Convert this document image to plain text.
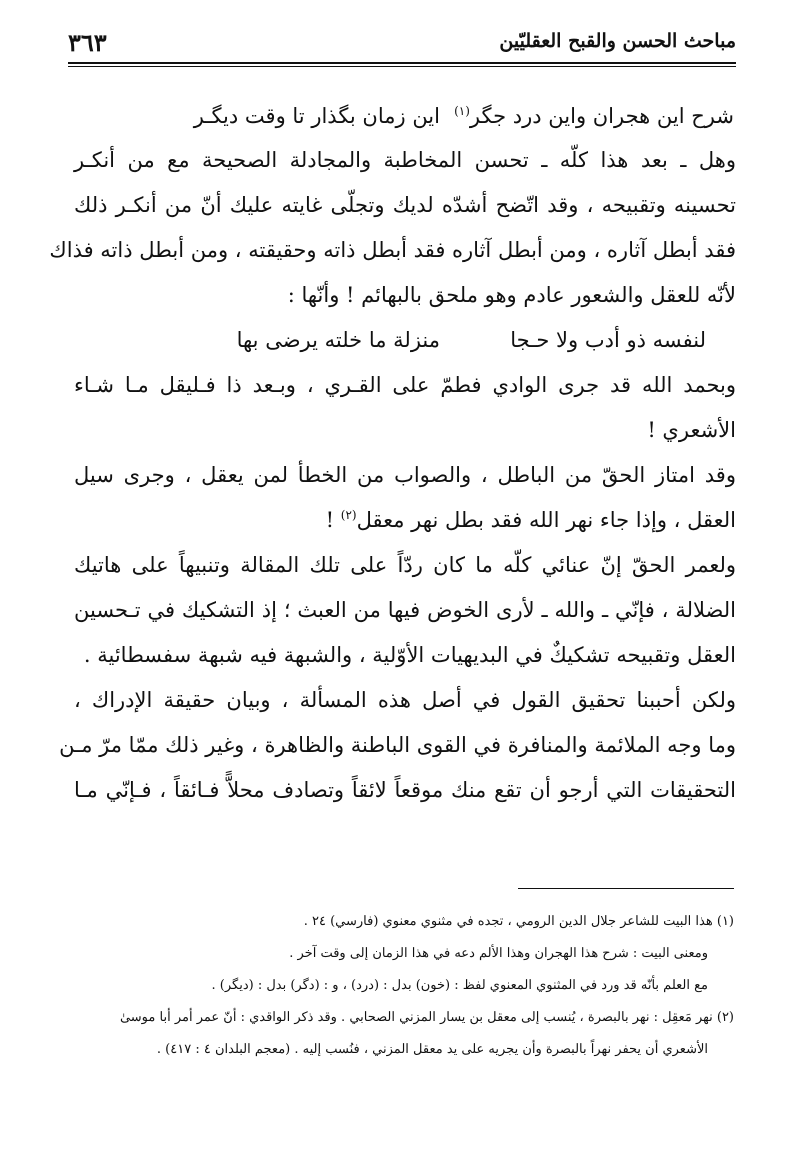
مباحث الحسن والقبح العقليّين
٣٦٣
شرح اين هجران واين درد جگر$^{(١)}$
اين زمان بگذار تا وقت ديگـر
وهل ـ بعد هذا كلّه ـ تحسن المخاطبة والمجادلة الصحيحة مع من أنكـر
تحسينه وتقبيحه ، وقد اتّضح أشدّه لديك وتجلّى غايته عليك أنّ من أنكـر ذلك
فقد أبطل آثاره ، ومن أبطل آثاره فقد أبطل ذاته وحقيقته ، ومن أبطل ذاته فذاك
لأنّه للعقل والشعور عادم وهو ملحق بالبهائم ! وأنّها :
منزلة ما خلته يرضى بها	لنفسه ذو أدب ولا حـجا
وبحمد الله قد جرى الوادي فطمّ على القـري ، وبـعد ذا فـليقل مـا شـاء
الأشعري !
وقد امتاز الحقّ من الباطل ، والصواب من الخطأ لمن يعقل ، وجرى سيل
العقل ، وإذا جاء نهر الله فقد بطل نهر معقل$^{(٢)}$ !
ولعمر الحقّ إنّ عنائي كلّه ما كان ردّاً على تلك المقالة وتنبيهاً على هاتيك
الضلالة ، فإنّي ـ والله ـ لأرى الخوض فيها من العبث ؛ إذ التشكيك في تـحسين
العقل وتقبيحه تشكيكٌ في البديهيات الأوّلية ، والشبهة فيه شبهة سفسطائية .
ولكن أحببنا تحقيق القول في أصل هذه المسألة ، وبيان حقيقة الإدراك ،
وما وجه الملائمة والمنافرة في القوى الباطنة والظاهرة ، وغير ذلك ممّا مرّ مـن
التحقيقات التي أرجو أن تقع منك موقعاً لائقاً وتصادف محلاًّ فـائقاً ، فـإنّي مـا
(١) هذا البيت للشاعر جلال الدين الرومي ، تجده في مثنوي معنوي (فارسي) ٢٤ .
ومعنى البيت : شرح هذا الهجران وهذا الألم دعه في هذا الزمان إلى وقت آخر .
مع العلم بأنّه قد ورد في المثنوي المعنوي لفظ : (خون) بدل : (درد) ، و : (دگر) بدل : (ديگر) .
(٢) نهر مَعقِل : نهر بالبصرة ، يُنسب إلى معقل بن يسار المزني الصحابي . وقد ذكر الواقدي : أنّ عمر أمر أبا موسىٰ
الأشعري أن يحفر نهراً بالبصرة وأن يجريه على يد معقل المزني ، فنُسب إليه . (معجم البلدان ٤ : ٤١٧) .
